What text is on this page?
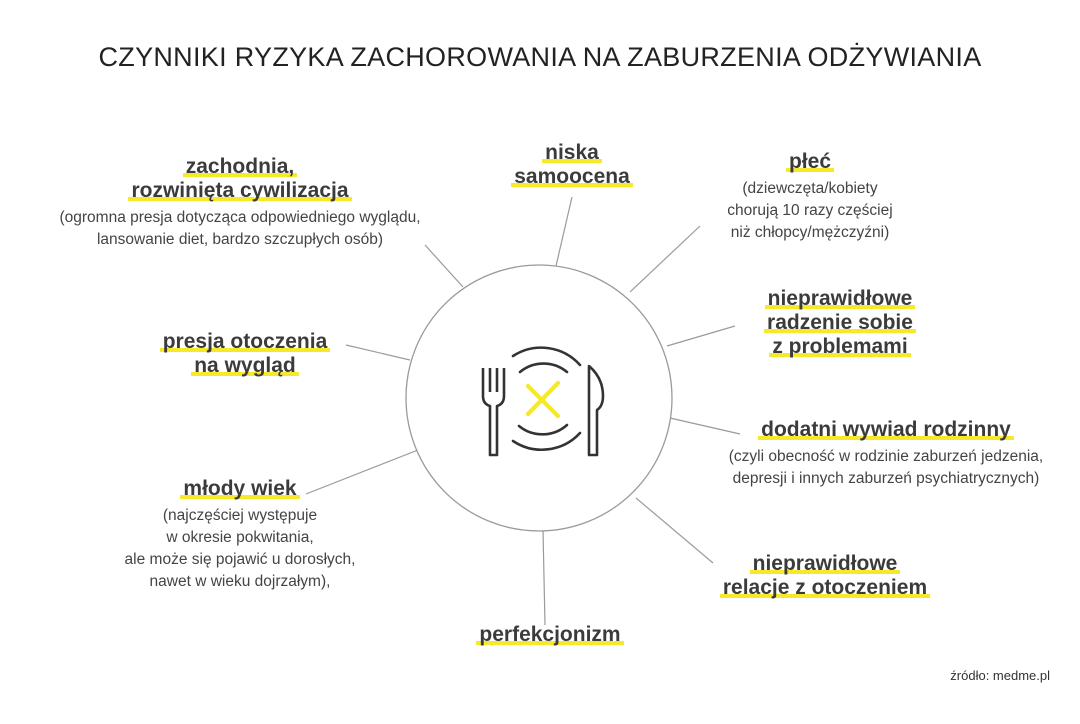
CZYNNIKI RYZYKA ZACHOROWANIA NA ZABURZENIA ODŻYWIANIA
zachodnia,
rozwinięta cywilizacja
(ogromna presja dotycząca odpowiedniego wyglądu,
lansowanie diet, bardzo szczupłych osób)
niska
samoocena
płeć
(dziewczęta/kobiety
chorują 10 razy częściej
niż chłopcy/mężczyźni)
nieprawidłowe
radzenie sobie
z problemami
dodatni wywiad rodzinny
(czyli obecność w rodzinie zaburzeń jedzenia,
depresji i innych zaburzeń psychiatrycznych)
nieprawidłowe
relacje z otoczeniem
perfekcjonizm
młody wiek
(najczęściej występuje
w okresie pokwitania,
ale może się pojawić u dorosłych,
nawet w wieku dojrzałym),
presja otoczenia
na wygląd
źródło: medme.pl
